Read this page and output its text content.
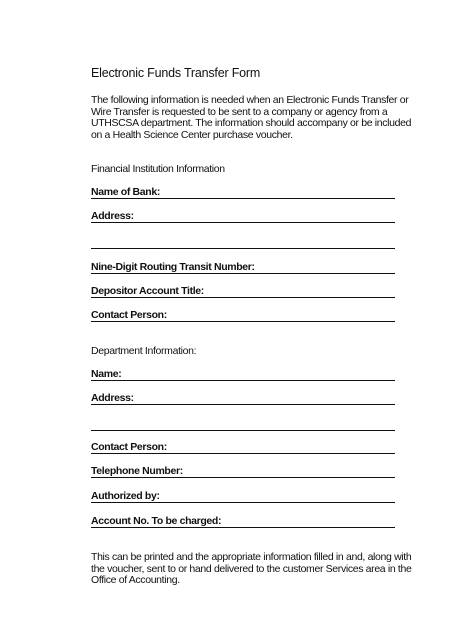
Electronic Funds Transfer Form
The following information is needed when an Electronic Funds Transfer or
Wire Transfer is requested to be sent to a company or agency from a
UTHSCSA department. The information should accompany or be included
on a Health Science Center purchase voucher.
Financial Institution Information
Name of Bank:
Address:
Nine-Digit Routing Transit Number:
Depositor Account Title:
Contact Person:
Department Information:
Name:
Address:
Contact Person:
Telephone Number:
Authorized by:
Account No. To be charged:
This can be printed and the appropriate information filled in and, along with
the voucher, sent to or hand delivered to the customer Services area in the
Office of Accounting.
